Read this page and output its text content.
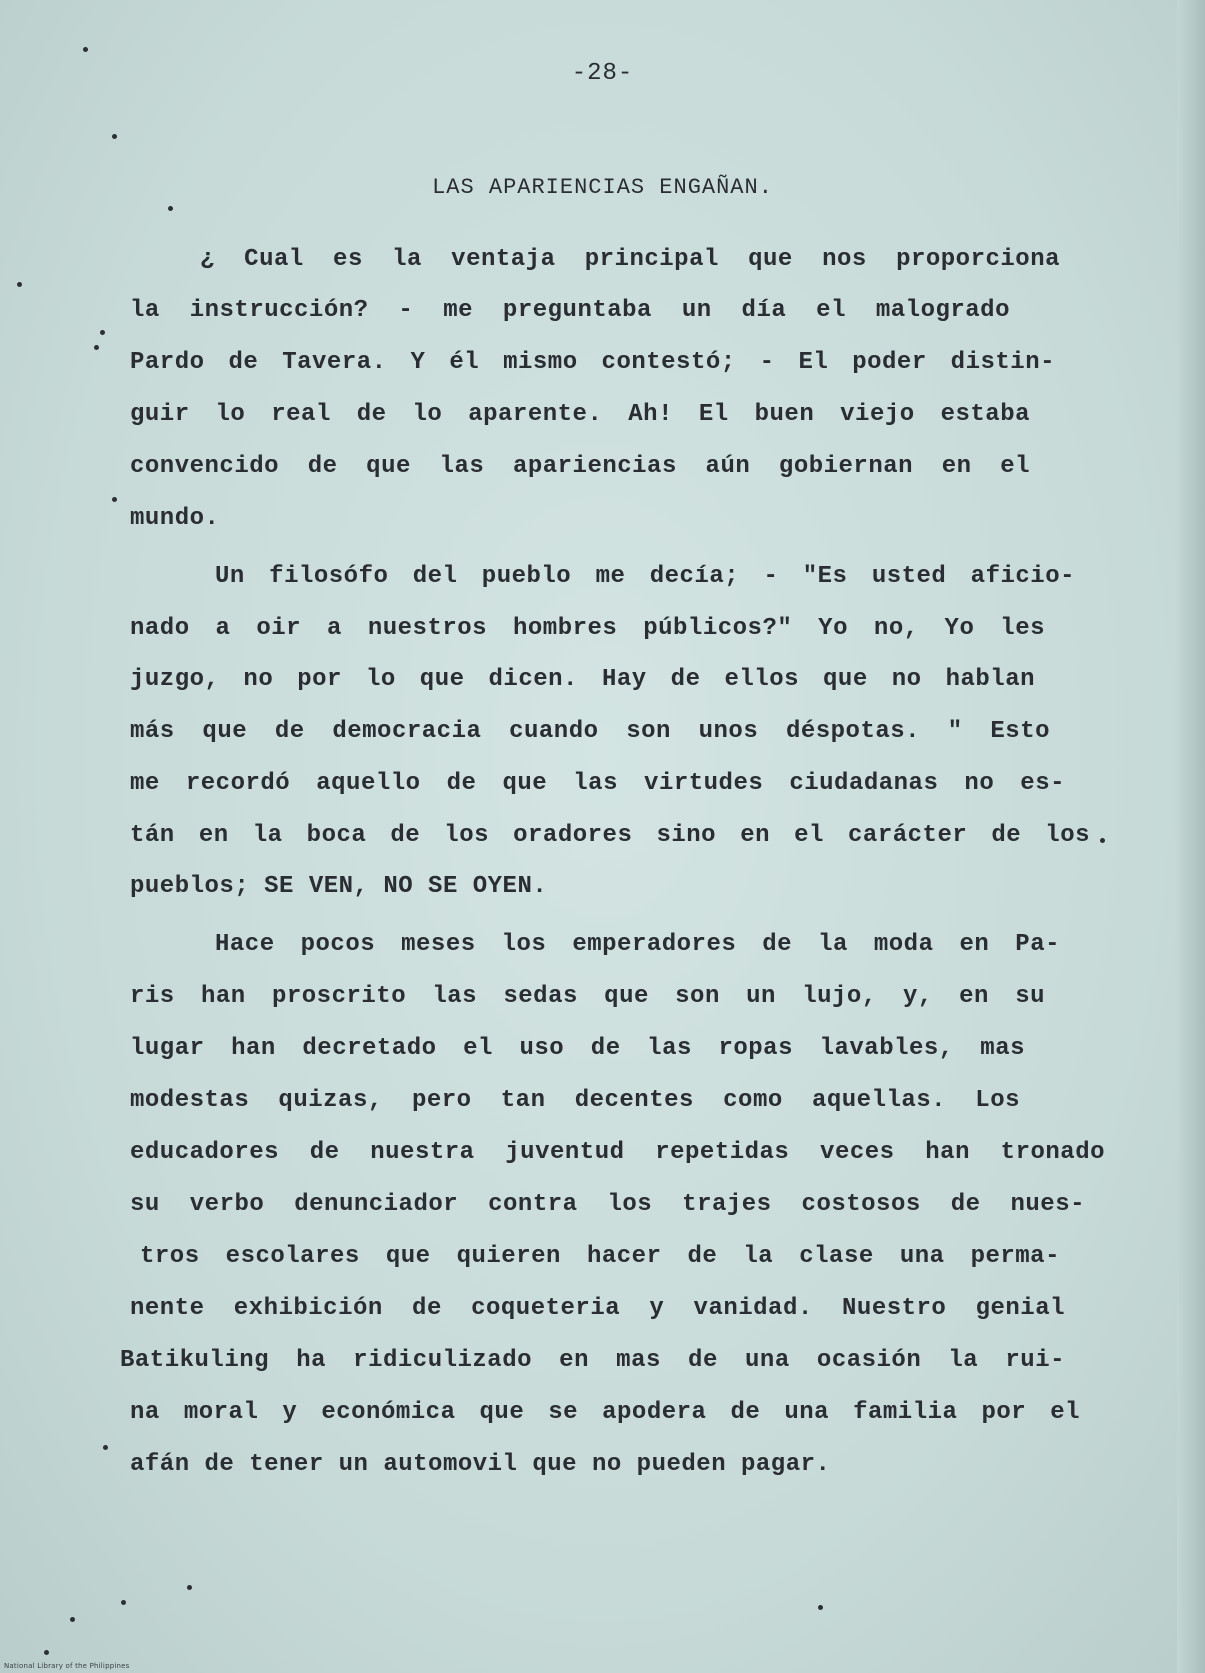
-28-
LAS APARIENCIAS ENGAÑAN.
¿ Cual es la ventaja principal que nos proporciona
la instrucción? - me preguntaba un día el malogrado
Pardo de Tavera. Y él mismo contestó; - El poder distin-
guir lo real de lo aparente. Ah! El buen viejo estaba
convencido de que las apariencias aún gobiernan en el
mundo.
Un filosófo del pueblo me decía; - "Es usted aficio-
nado a oir a nuestros hombres públicos?" Yo no, Yo les
juzgo, no por lo que dicen. Hay de ellos que no hablan
más que de democracia cuando son unos déspotas. " Esto
me recordó aquello de que las virtudes ciudadanas no es-
tán en la boca de los oradores sino en el carácter de los
pueblos; SE VEN, NO SE OYEN.
Hace pocos meses los emperadores de la moda en Pa-
ris han proscrito las sedas que son un lujo, y, en su
lugar han decretado el uso de las ropas lavables, mas
modestas quizas, pero tan decentes como aquellas. Los
educadores de nuestra juventud repetidas veces han tronado
su verbo denunciador contra los trajes costosos de nues-
tros escolares que quieren hacer de la clase una perma-
nente exhibición de coqueteria y vanidad. Nuestro genial
Batikuling ha ridiculizado en mas de una ocasión la rui-
na moral y económica que se apodera de una familia por el
afán de tener un automovil que no pueden pagar.
National Library of the Philippines
